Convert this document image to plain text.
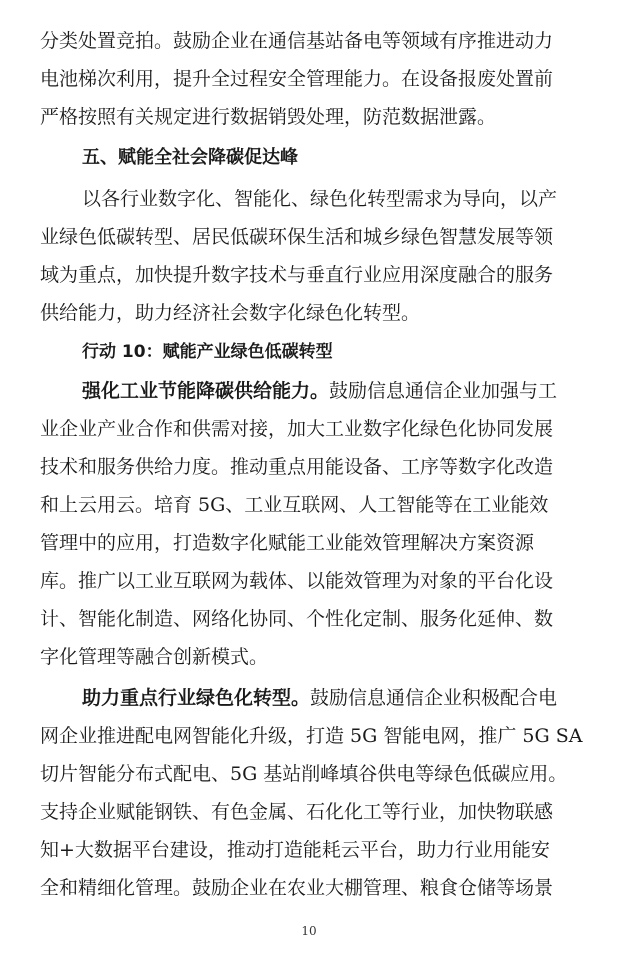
分类处置竞拍。鼓励企业在通信基站备电等领域有序推进动力
电池梯次利用，提升全过程安全管理能力。在设备报废处置前
严格按照有关规定进行数据销毁处理，防范数据泄露。
五、赋能全社会降碳促达峰
以各行业数字化、智能化、绿色化转型需求为导向，以产
业绿色低碳转型、居民低碳环保生活和城乡绿色智慧发展等领
域为重点，加快提升数字技术与垂直行业应用深度融合的服务
供给能力，助力经济社会数字化绿色化转型。
行动 10：赋能产业绿色低碳转型
强化工业节能降碳供给能力。鼓励信息通信企业加强与工
业企业产业合作和供需对接，加大工业数字化绿色化协同发展
技术和服务供给力度。推动重点用能设备、工序等数字化改造
和上云用云。培育 5G、工业互联网、人工智能等在工业能效
管理中的应用，打造数字化赋能工业能效管理解决方案资源
库。推广以工业互联网为载体、以能效管理为对象的平台化设
计、智能化制造、网络化协同、个性化定制、服务化延伸、数
字化管理等融合创新模式。
助力重点行业绿色化转型。鼓励信息通信企业积极配合电
网企业推进配电网智能化升级，打造 5G 智能电网，推广 5G SA
切片智能分布式配电、5G 基站削峰填谷供电等绿色低碳应用。
支持企业赋能钢铁、有色金属、石化化工等行业，加快物联感
知+大数据平台建设，推动打造能耗云平台，助力行业用能安
全和精细化管理。鼓励企业在农业大棚管理、粮食仓储等场景
10
